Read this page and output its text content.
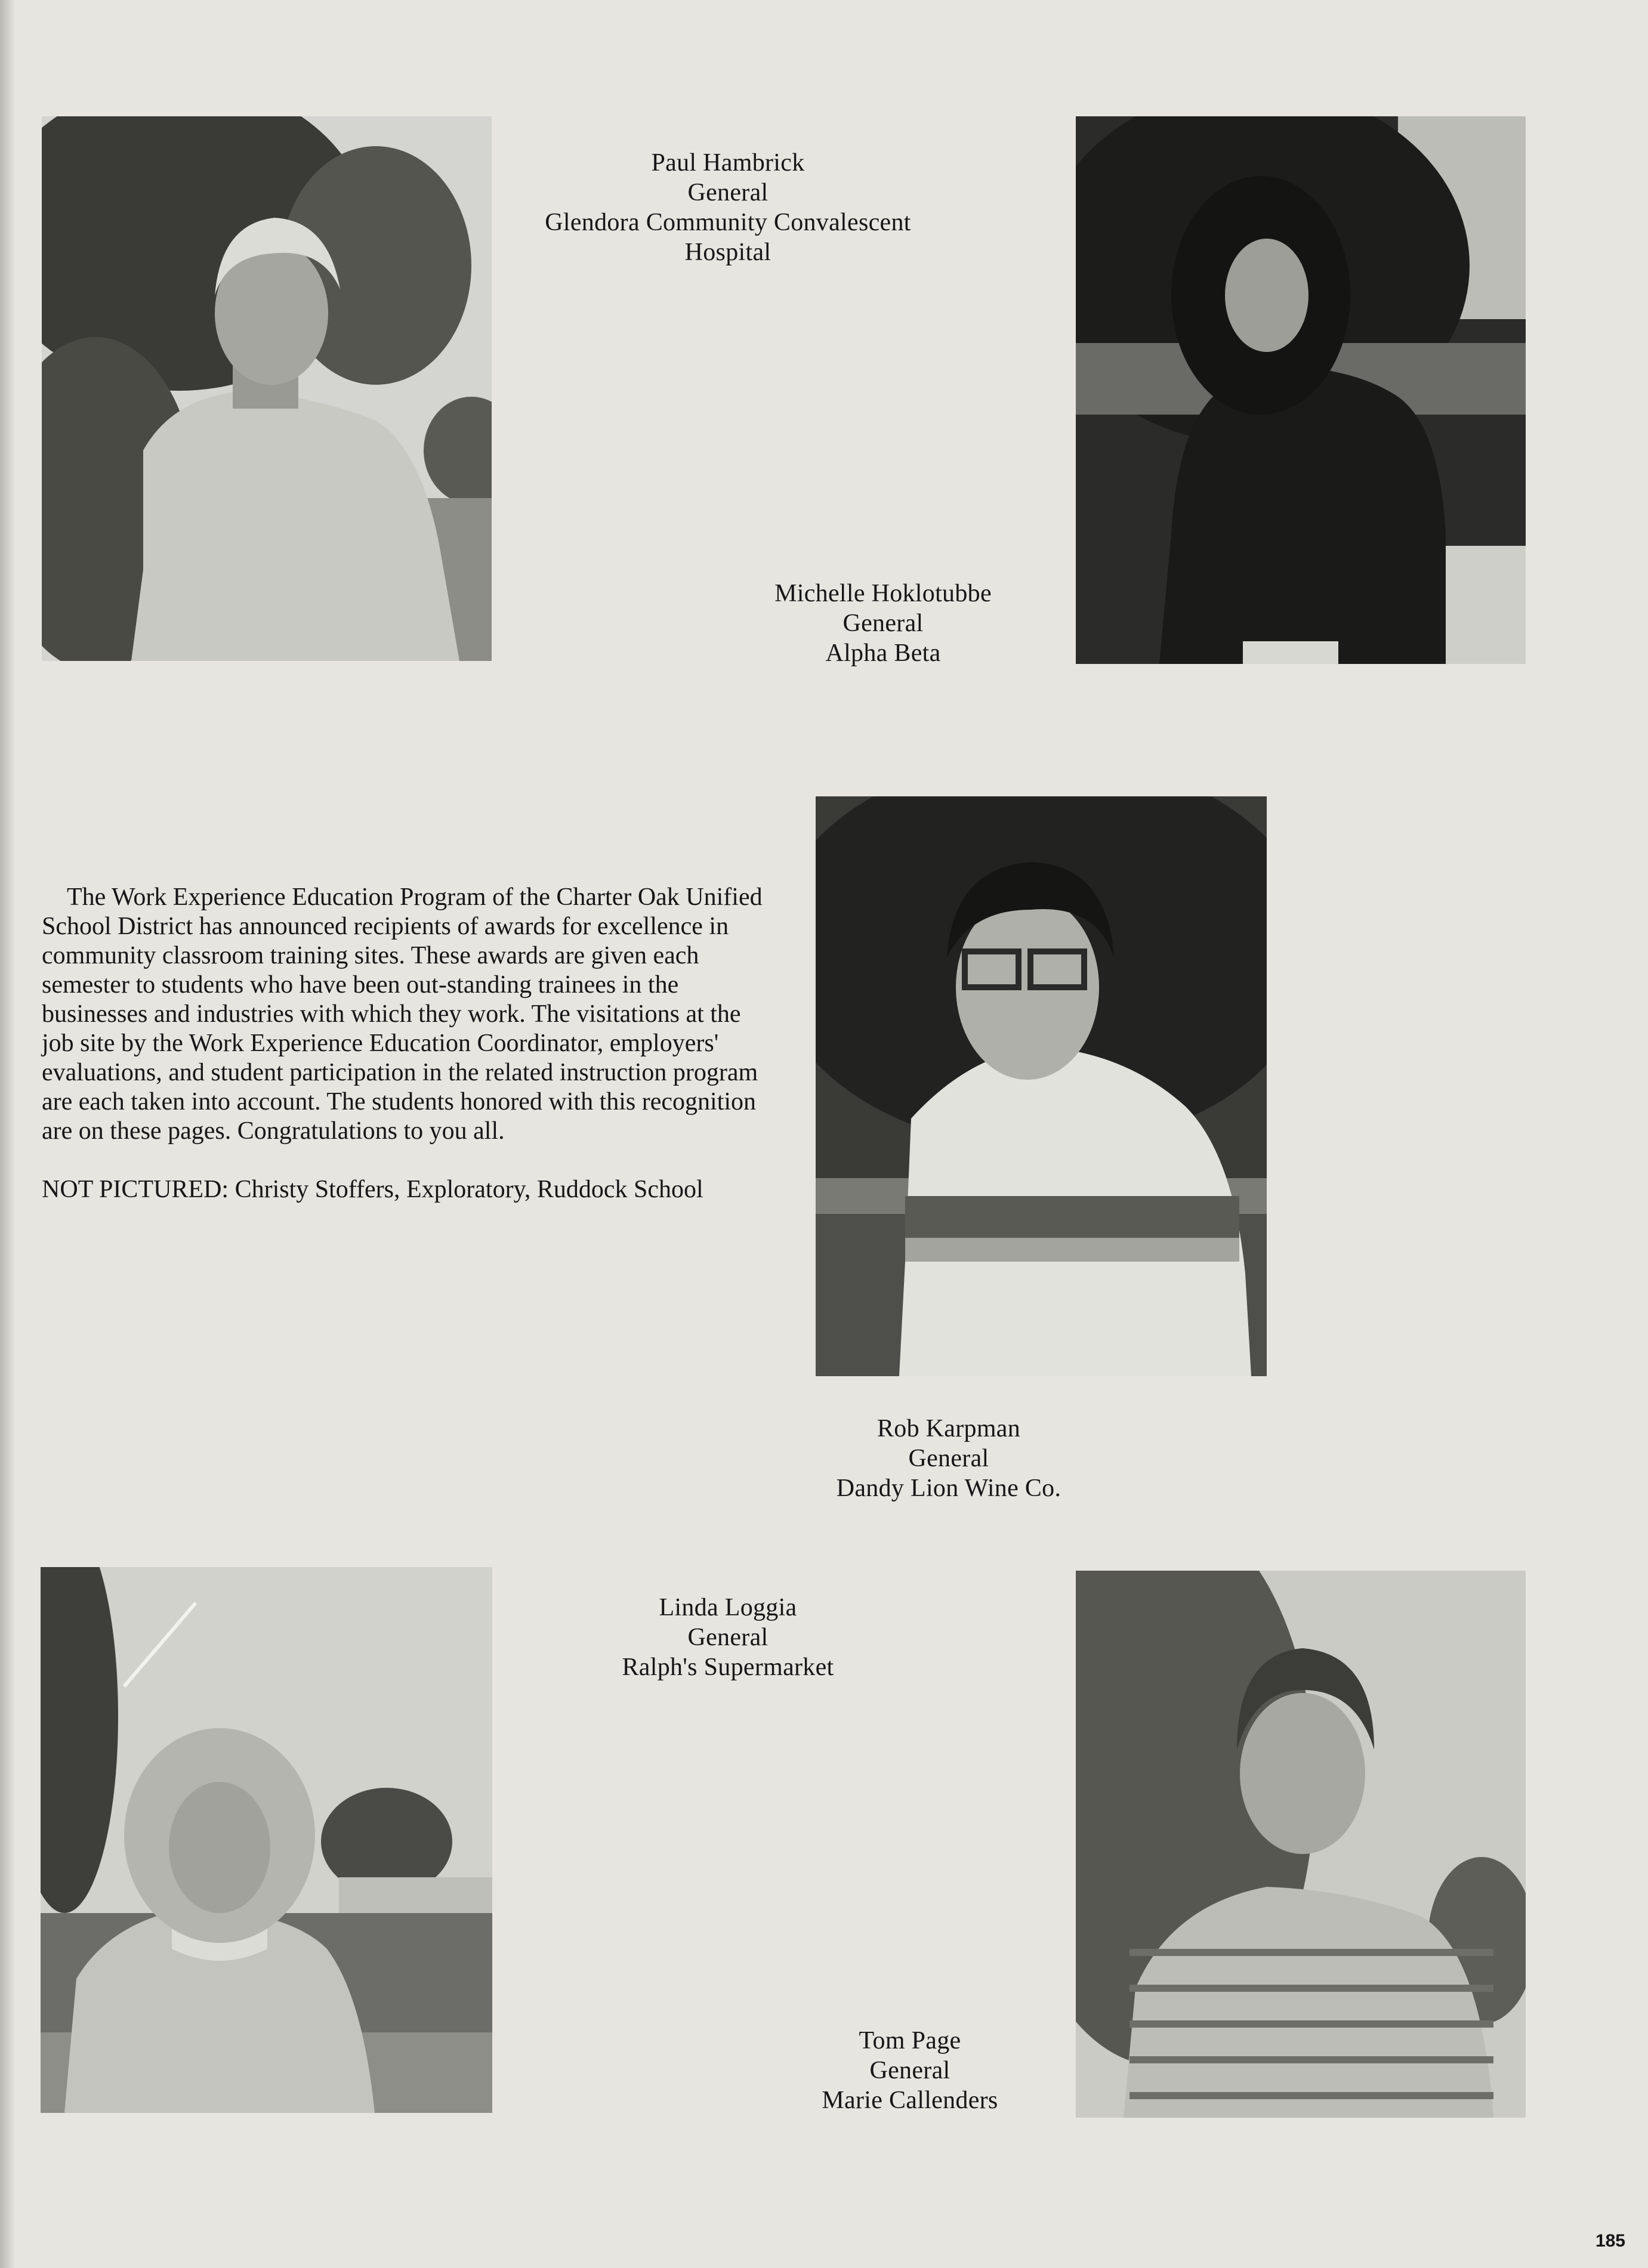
Paul Hambrick
General
Glendora Community Convalescent
Hospital
Michelle Hoklotubbe
General
Alpha Beta

The Work Experience Education Program of the Charter Oak Unified School District has announced recipients of awards for excellence in community classroom training sites. These awards are given each semester to students who have been out-standing trainees in the businesses and industries with which they work. The visitations at the job site by the Work Experience Education Coordinator, employers' evaluations, and student participation in the related instruction program are each taken into account. The students honored with this recognition are on these pages. Congratulations to you all.

NOT PICTURED: Christy Stoffers, Exploratory, Ruddock School

Rob Karpman
General
Dandy Lion Wine Co.
Linda Loggia
General
Ralph's Supermarket
Tom Page
General
Marie Callenders
185
